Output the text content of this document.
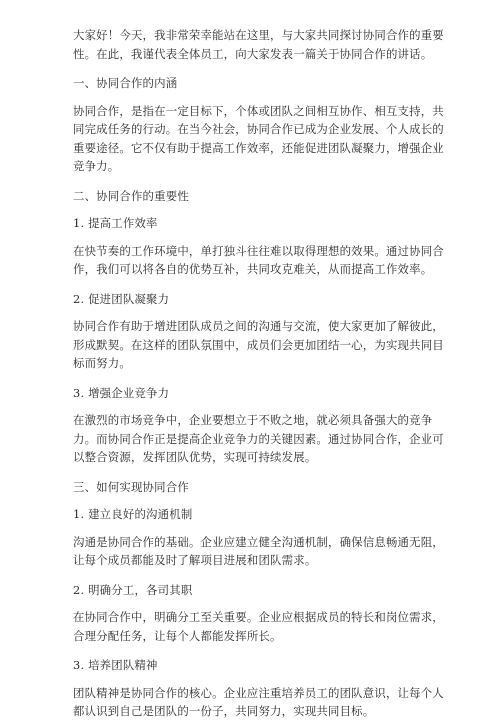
大家好！今天，我非常荣幸能站在这里，与大家共同探讨协同合作的重要性。在此，我谨代表全体员工，向大家发表一篇关于协同合作的讲话。

一、协同合作的内涵

协同合作，是指在一定目标下，个体或团队之间相互协作、相互支持，共同完成任务的行动。在当今社会，协同合作已成为企业发展、个人成长的重要途径。它不仅有助于提高工作效率，还能促进团队凝聚力，增强企业竞争力。

二、协同合作的重要性

1. 提高工作效率

在快节奏的工作环境中，单打独斗往往难以取得理想的效果。通过协同合作，我们可以将各自的优势互补，共同攻克难关，从而提高工作效率。

2. 促进团队凝聚力

协同合作有助于增进团队成员之间的沟通与交流，使大家更加了解彼此，形成默契。在这样的团队氛围中，成员们会更加团结一心，为实现共同目标而努力。

3. 增强企业竞争力

在激烈的市场竞争中，企业要想立于不败之地，就必须具备强大的竞争力。而协同合作正是提高企业竞争力的关键因素。通过协同合作，企业可以整合资源，发挥团队优势，实现可持续发展。

三、如何实现协同合作

1. 建立良好的沟通机制

沟通是协同合作的基础。企业应建立健全沟通机制，确保信息畅通无阻，让每个成员都能及时了解项目进展和团队需求。

2. 明确分工，各司其职

在协同合作中，明确分工至关重要。企业应根据成员的特长和岗位需求，合理分配任务，让每个人都能发挥所长。

3. 培养团队精神

团队精神是协同合作的核心。企业应注重培养员工的团队意识，让每个人都认识到自己是团队的一份子，共同努力，实现共同目标。
